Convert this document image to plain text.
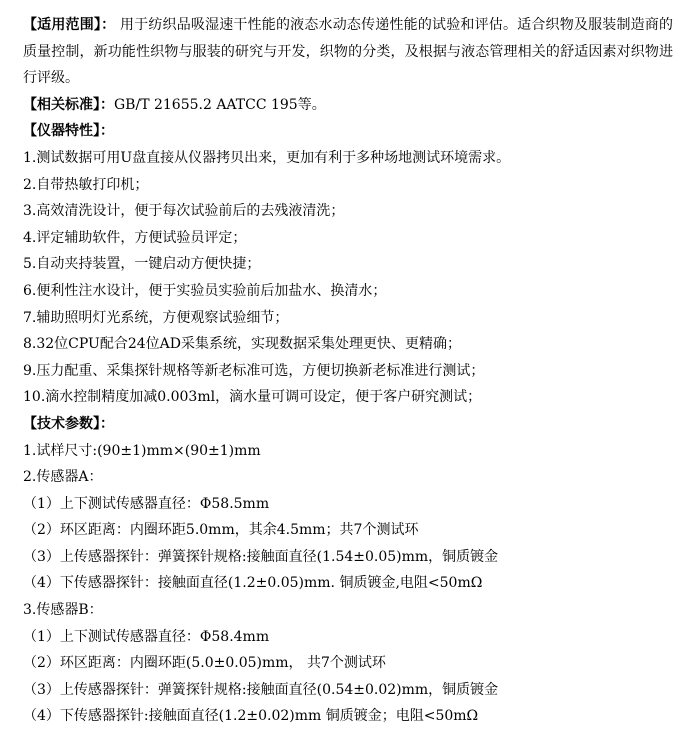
【适用范围】： 用于纺织品吸湿速干性能的液态水动态传递性能的试验和评估。适合织物及服装制造商的质量控制，新功能性织物与服装的研究与开发，织物的分类，及根据与液态管理相关的舒适因素对织物进行评级。
【相关标准】：GB/T 21655.2 AATCC 195等。
【仪器特性】：
1.测试数据可用U盘直接从仪器拷贝出来，更加有利于多种场地测试环境需求。
2.自带热敏打印机；
3.高效清洗设计，便于每次试验前后的去残液清洗；
4.评定辅助软件，方便试验员评定；
5.自动夹持装置，一键启动方便快捷；
6.便利性注水设计，便于实验员实验前后加盐水、换清水；
7.辅助照明灯光系统，方便观察试验细节；
8.32位CPU配合24位AD采集系统，实现数据采集处理更快、更精确；
9.压力配重、采集探针规格等新老标准可选，方便切换新老标准进行测试；
10.滴水控制精度加减0.003ml，滴水量可调可设定，便于客户研究测试；
【技术参数】：
1.试样尺寸:(90±1)mm×(90±1)mm
2.传感器A：
（1）上下测试传感器直径：Φ58.5mm
（2）环区距离：内圈环距5.0mm，其余4.5mm；共7个测试环
（3）上传感器探针：弹簧探针规格:接触面直径(1.54±0.05)mm，铜质镀金
（4）下传感器探针：接触面直径(1.2±0.05)mm. 铜质镀金,电阻<50mΩ
3.传感器B：
（1）上下测试传感器直径：Φ58.4mm
（2）环区距离：内圈环距(5.0±0.05)mm， 共7个测试环
（3）上传感器探针：弹簧探针规格:接触面直径(0.54±0.02)mm，铜质镀金
（4）下传感器探针:接触面直径(1.2±0.02)mm 铜质镀金；电阻<50mΩ
